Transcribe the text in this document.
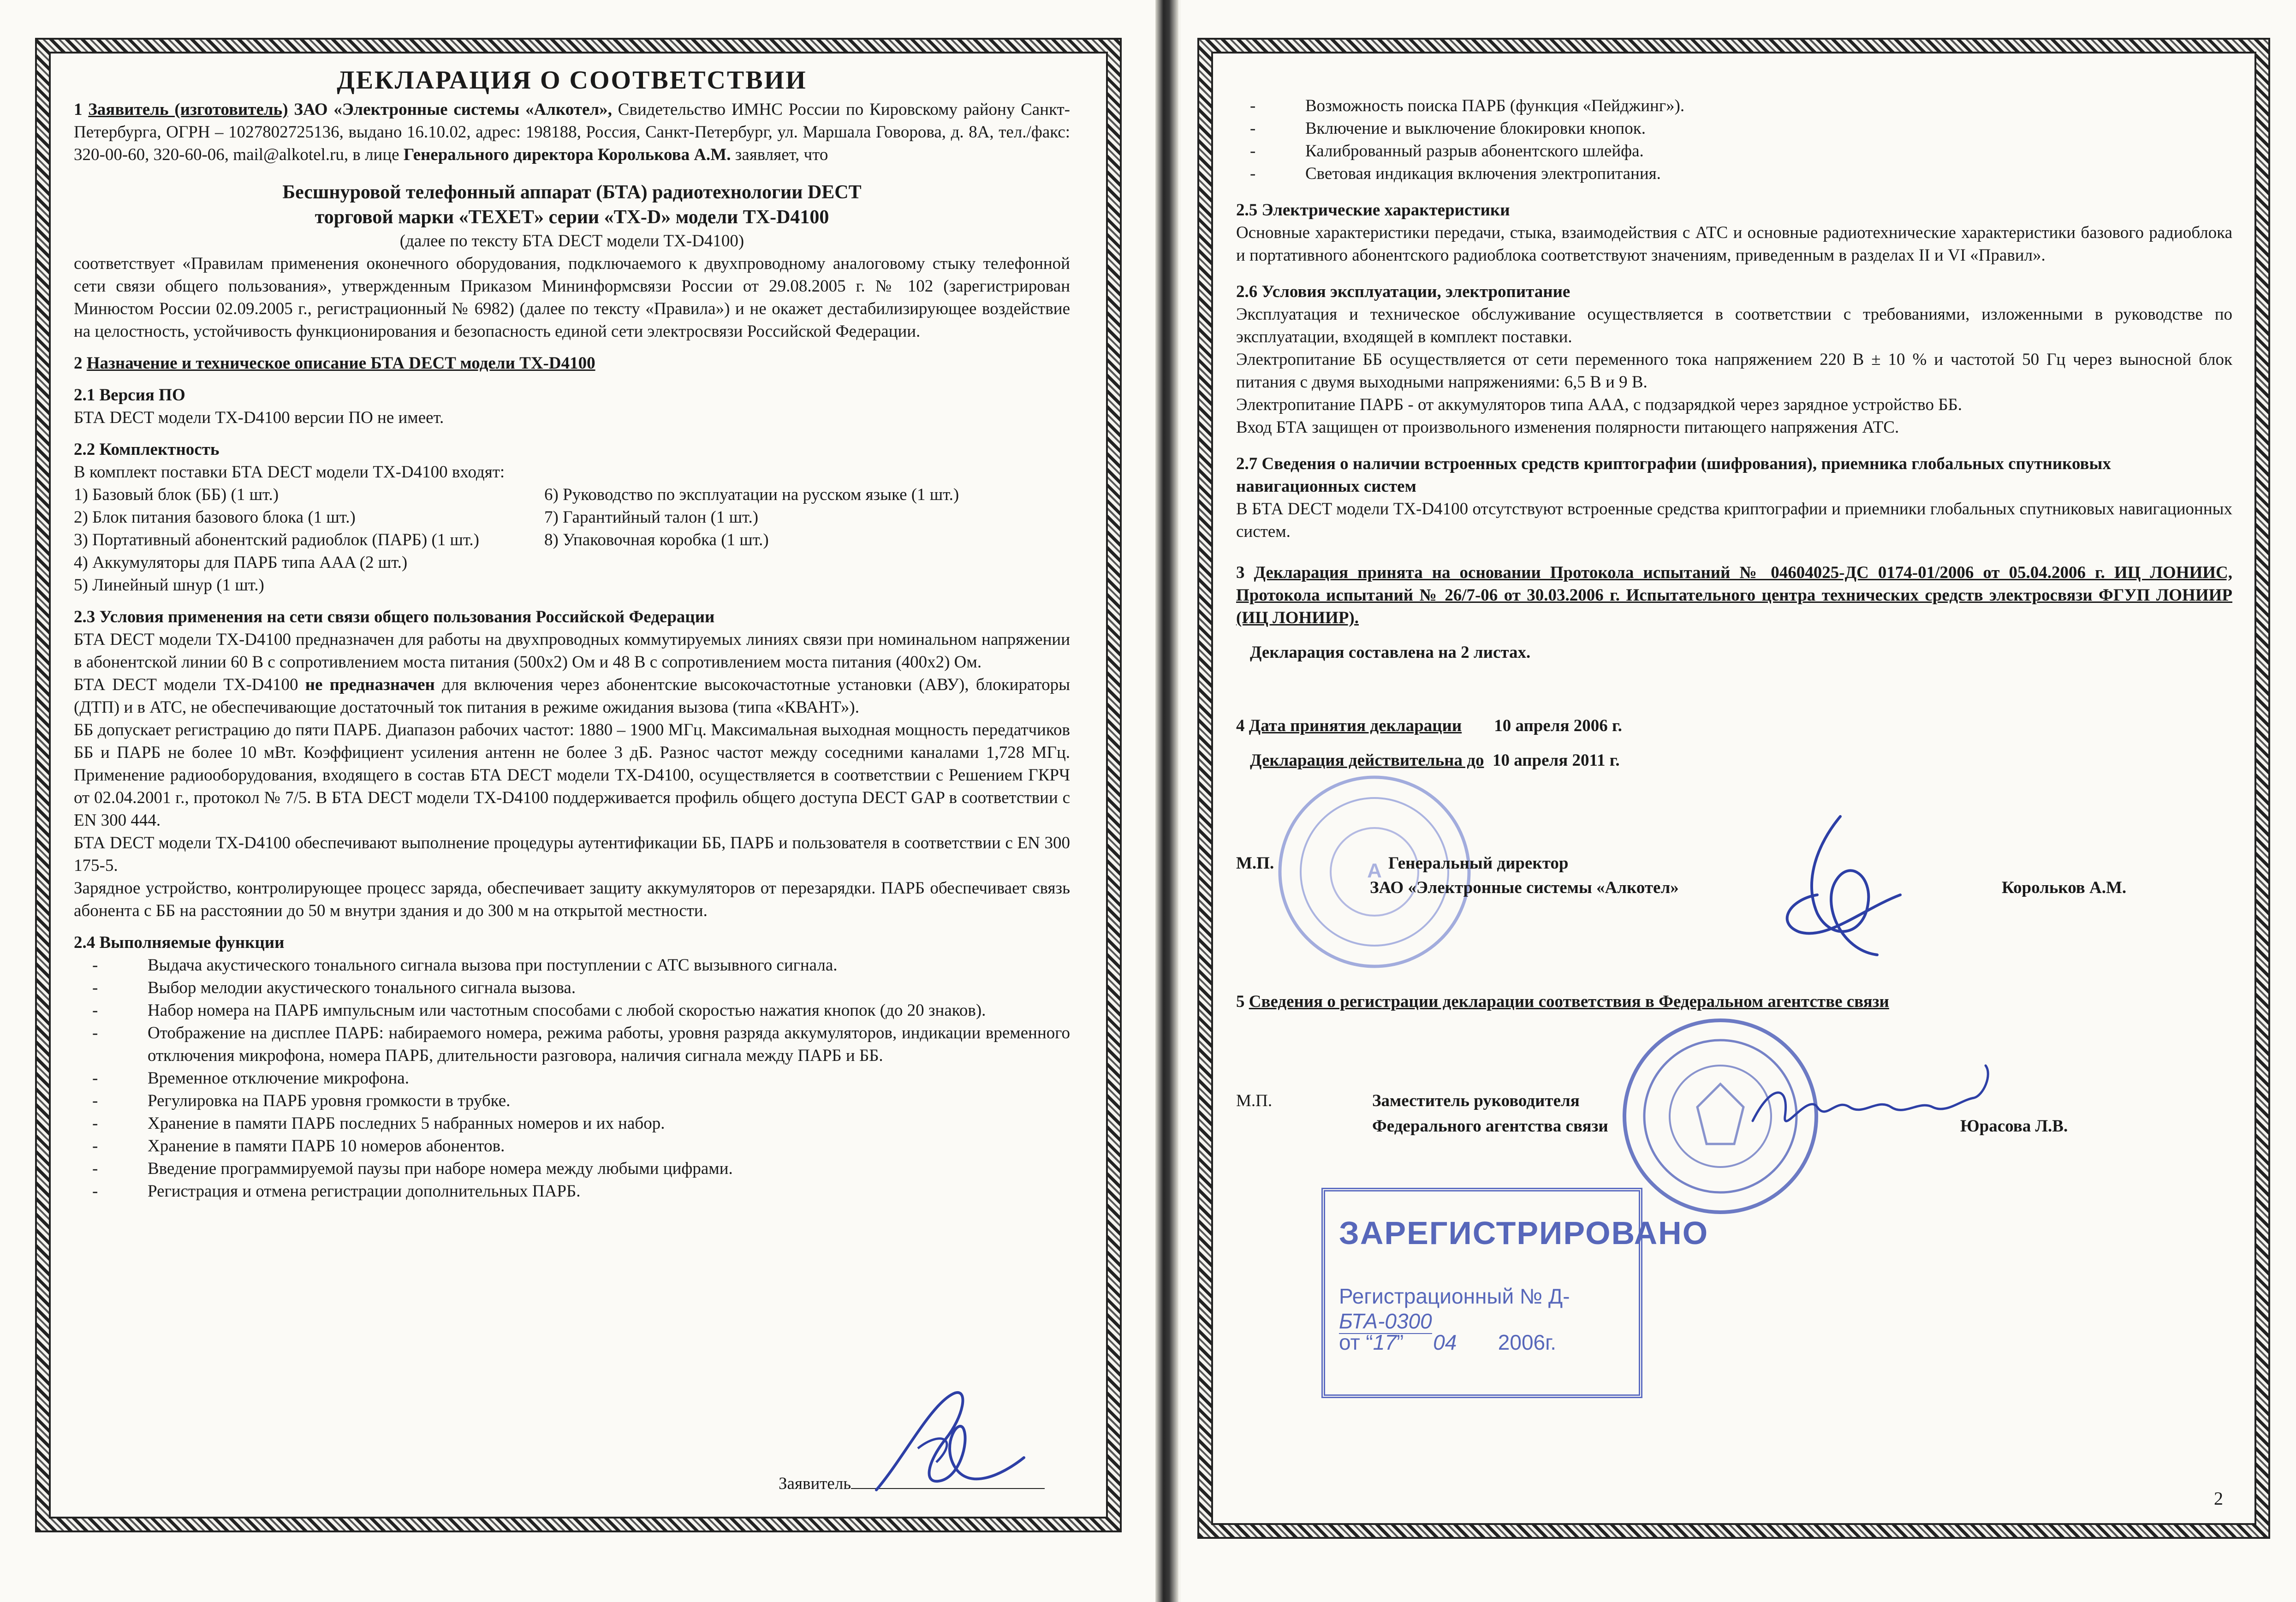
ДЕКЛАРАЦИЯ О СООТВЕТСТВИИ

1 Заявитель (изготовитель) ЗАО «Электронные системы «Алкотел», Свидетельство ИМНС России по Кировскому району Санкт-Петербурга, ОГРН – 1027802725136, выдано 16.10.02, адрес: 198188, Россия, Санкт-Петербург, ул. Маршала Говорова, д. 8А, тел./факс: 320-00-60, 320-60-06, mail@alkotel.ru, в лице Генерального директора Королькова А.М. заявляет, что

Бесшнуровой телефонный аппарат (БТА) радиотехнологии DECT

торговой марки «TEXET» серии «TX-D» модели TX-D4100

(далее по тексту БТА DECT модели TX-D4100)

соответствует «Правилам применения оконечного оборудования, подключаемого к двухпроводному аналоговому стыку телефонной сети связи общего пользования», утвержденным Приказом Мининформсвязи России от 29.08.2005 г. № 102 (зарегистрирован Минюстом России 02.09.2005 г., регистрационный № 6982) (далее по тексту «Правила») и не окажет дестабилизирующее воздействие на целостность, устойчивость функционирования и безопасность единой сети электросвязи Российской Федерации.

2 Назначение и техническое описание БТА DECT модели TX-D4100

2.1 Версия ПО

БТА DECT модели TX-D4100 версии ПО не имеет.

2.2 Комплектность

В комплект поставки БТА DECT модели TX-D4100 входят:

1) Базовый блок (ББ) (1 шт.)	6) Руководство по эксплуатации на русском языке (1 шт.)
2) Блок питания базового блока (1 шт.)	7) Гарантийный талон (1 шт.)
3) Портативный абонентский радиоблок (ПАРБ) (1 шт.)	8) Упаковочная коробка (1 шт.)
4) Аккумуляторы для ПАРБ типа AAA (2 шт.)
5) Линейный шнур (1 шт.)

2.3 Условия применения на сети связи общего пользования Российской Федерации

БТА DECT модели TX-D4100 предназначен для работы на двухпроводных коммутируемых линиях связи при номинальном напряжении в абонентской линии 60 В с сопротивлением моста питания (500х2) Ом и 48 В с сопротивлением моста питания (400х2) Ом.

БТА DECT модели TX-D4100 не предназначен для включения через абонентские высокочастотные установки (АВУ), блокираторы (ДТП) и в АТС, не обеспечивающие достаточный ток питания в режиме ожидания вызова (типа «КВАНТ»).

ББ допускает регистрацию до пяти ПАРБ. Диапазон рабочих частот: 1880 – 1900 МГц. Максимальная выходная мощность передатчиков ББ и ПАРБ не более 10 мВт. Коэффициент усиления антенн не более 3 дБ. Разнос частот между соседними каналами 1,728 МГц. Применение радиооборудования, входящего в состав БТА DECT модели TX-D4100, осуществляется в соответствии с Решением ГКРЧ от 02.04.2001 г., протокол № 7/5. В БТА DECT модели TX-D4100 поддерживается профиль общего доступа DECT GAP в соответствии с EN 300 444.

БТА DECT модели TX-D4100 обеспечивают выполнение процедуры аутентификации ББ, ПАРБ и пользователя в соответствии с EN 300 175-5.

Зарядное устройство, контролирующее процесс заряда, обеспечивает защиту аккумуляторов от перезарядки. ПАРБ обеспечивает связь абонента с ББ на расстоянии до 50 м внутри здания и до 300 м на открытой местности.

2.4 Выполняемые функции

- Выдача акустического тонального сигнала вызова при поступлении с АТС вызывного сигнала.
- Выбор мелодии акустического тонального сигнала вызова.
- Набор номера на ПАРБ импульсным или частотным способами с любой скоростью нажатия кнопок (до 20 знаков).
- Отображение на дисплее ПАРБ: набираемого номера, режима работы, уровня разряда аккумуляторов, индикации временного отключения микрофона, номера ПАРБ, длительности разговора, наличия сигнала между ПАРБ и ББ.
- Временное отключение микрофона.
- Регулировка на ПАРБ уровня громкости в трубке.
- Хранение в памяти ПАРБ последних 5 набранных номеров и их набор.
- Хранение в памяти ПАРБ 10 номеров абонентов.
- Введение программируемой паузы при наборе номера между любыми цифрами.
- Регистрация и отмена регистрации дополнительных ПАРБ.
Заявитель
- Возможность поиска ПАРБ (функция «Пейджинг»).
- Включение и выключение блокировки кнопок.
- Калиброванный разрыв абонентского шлейфа.
- Световая индикация включения электропитания.

2.5 Электрические характеристики

Основные характеристики передачи, стыка, взаимодействия с АТС и основные радиотехнические характеристики базового радиоблока и портативного абонентского радиоблока соответствуют значениям, приведенным в разделах II и VI «Правил».

2.6 Условия эксплуатации, электропитание

Эксплуатация и техническое обслуживание осуществляется в соответствии с требованиями, изложенными в руководстве по эксплуатации, входящей в комплект поставки.

Электропитание ББ осуществляется от сети переменного тока напряжением 220 В ± 10 % и частотой 50 Гц через выносной блок питания с двумя выходными напряжениями: 6,5 В и 9 В.

Электропитание ПАРБ - от аккумуляторов типа AAA, с подзарядкой через зарядное устройство ББ.

Вход БТА защищен от произвольного изменения полярности питающего напряжения АТС.

2.7 Сведения о наличии встроенных средств криптографии (шифрования), приемника глобальных спутниковых навигационных систем

В БТА DECT модели TX-D4100 отсутствуют встроенные средства криптографии и приемники глобальных спутниковых навигационных систем.

3 Декларация принята на основании Протокола испытаний № 04604025-ДС 0174-01/2006 от 05.04.2006 г. ИЦ ЛОНИИС, Протокола испытаний № 26/7-06 от 30.03.2006 г. Испытательного центра технических средств электросвязи ФГУП ЛОНИИР (ИЦ ЛОНИИР).

Декларация составлена на 2 листах.

4 Дата принятия декларации 10 апреля 2006 г.

Декларация действительна до 10 апреля 2011 г.

A
М.П.	Генеральный директор
ЗАО «Электронные системы «Алкотел»	Корольков А.М.
5 Сведения о регистрации декларации соответствия в Федеральном агентстве связи
М.П.	Заместитель руководителя
Федерального агентства связи	Юрасова Л.В.
ЗАРЕГИСТРИРОВАНО
Регистрационный № Д-БТА-0300
от “17”     04 2006г.
2
